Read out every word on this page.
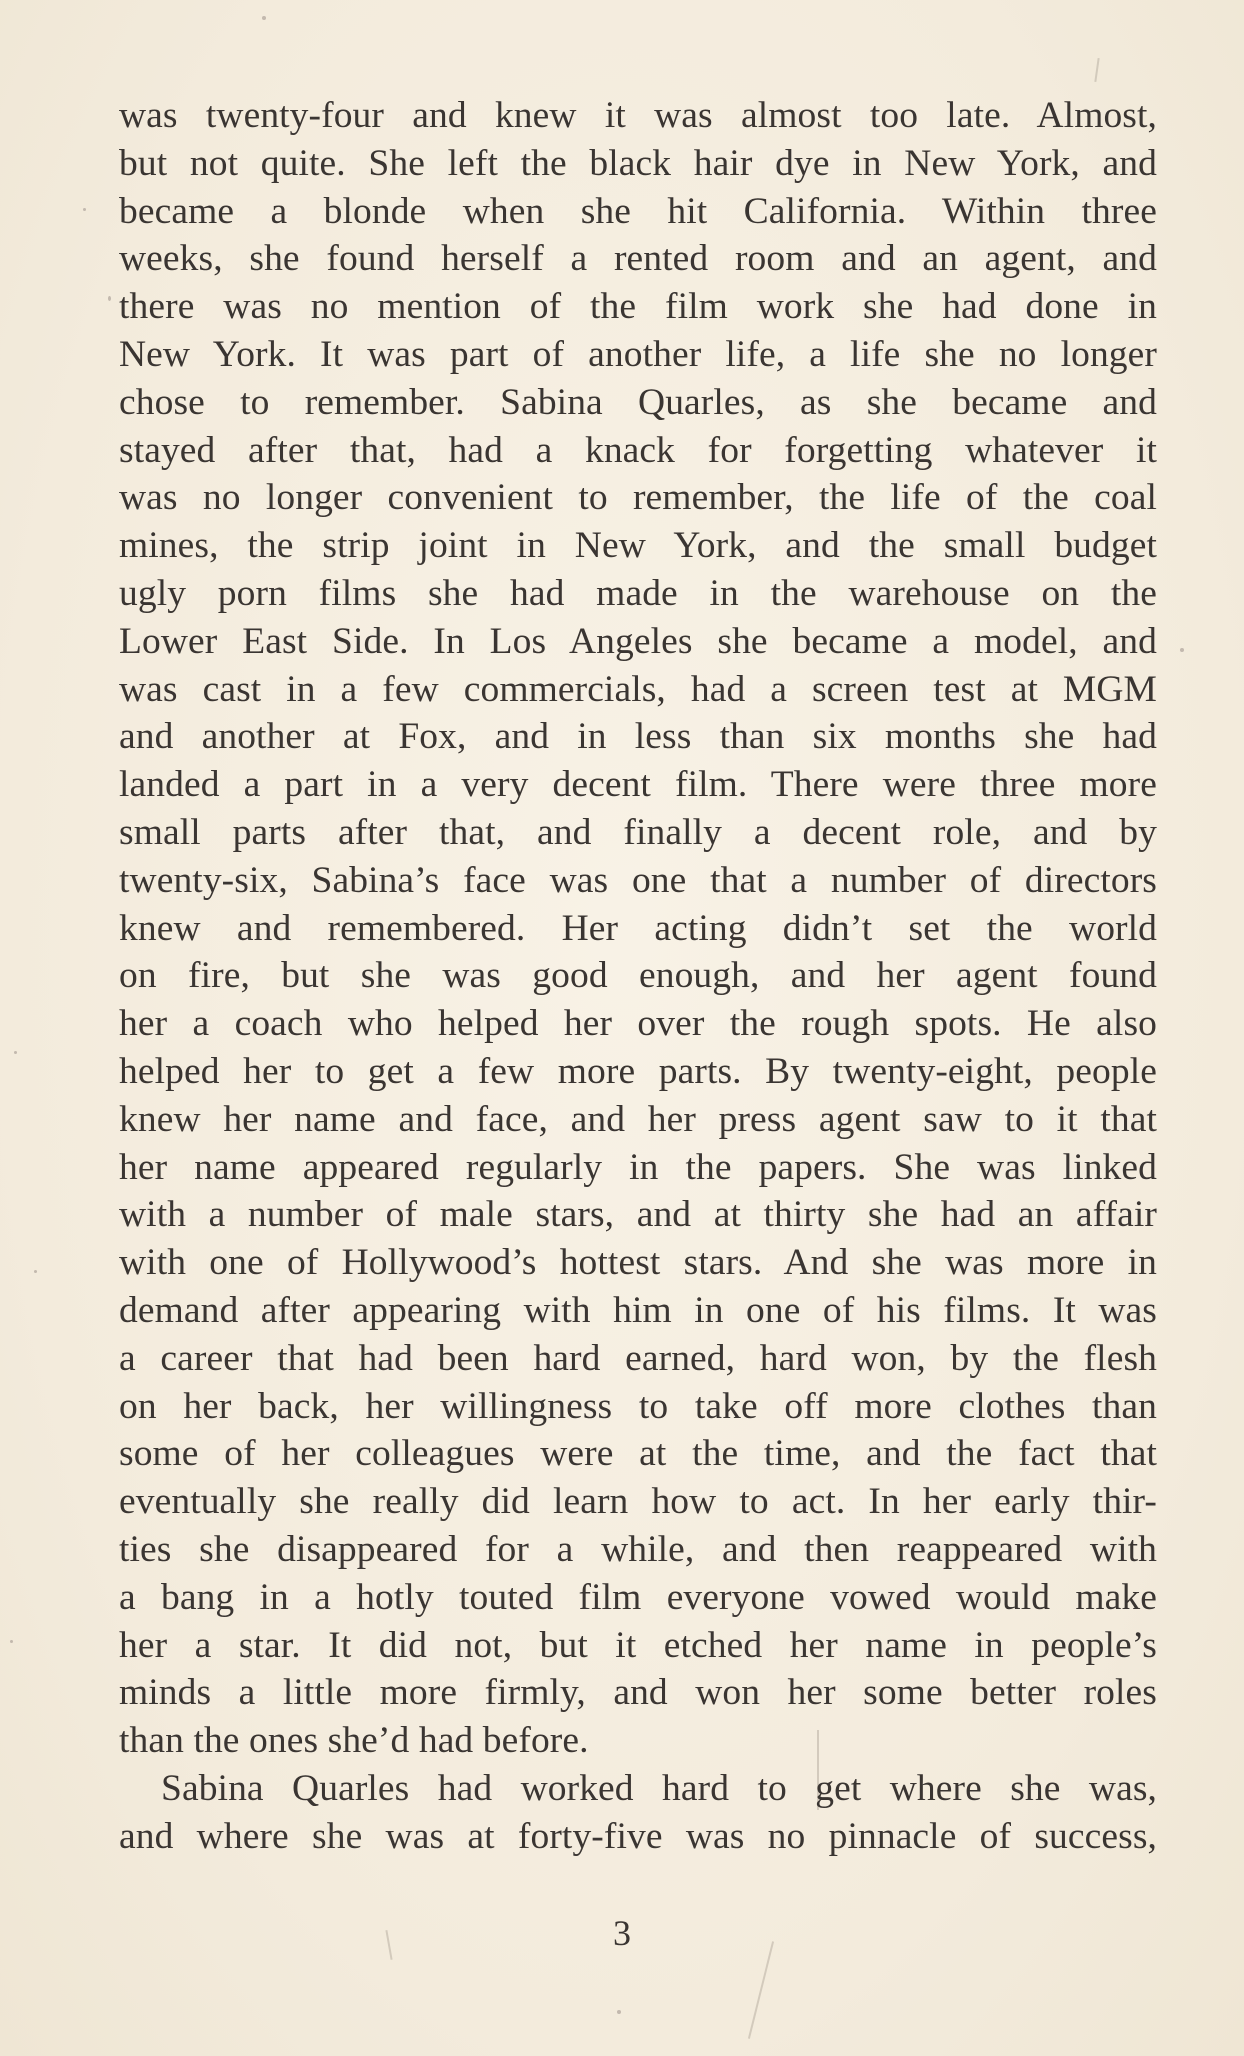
was twenty-four and knew it was almost too late. Almost,
but not quite. She left the black hair dye in New York, and
became a blonde when she hit California. Within three
weeks, she found herself a rented room and an agent, and
there was no mention of the film work she had done in
New York. It was part of another life, a life she no longer
chose to remember. Sabina Quarles, as she became and
stayed after that, had a knack for forgetting whatever it
was no longer convenient to remember, the life of the coal
mines, the strip joint in New York, and the small budget
ugly porn films she had made in the warehouse on the
Lower East Side. In Los Angeles she became a model, and
was cast in a few commercials, had a screen test at MGM
and another at Fox, and in less than six months she had
landed a part in a very decent film. There were three more
small parts after that, and finally a decent role, and by
twenty-six, Sabina’s face was one that a number of directors
knew and remembered. Her acting didn’t set the world
on fire, but she was good enough, and her agent found
her a coach who helped her over the rough spots. He also
helped her to get a few more parts. By twenty-eight, people
knew her name and face, and her press agent saw to it that
her name appeared regularly in the papers. She was linked
with a number of male stars, and at thirty she had an affair
with one of Hollywood’s hottest stars. And she was more in
demand after appearing with him in one of his films. It was
a career that had been hard earned, hard won, by the flesh
on her back, her willingness to take off more clothes than
some of her colleagues were at the time, and the fact that
eventually she really did learn how to act. In her early thir-
ties she disappeared for a while, and then reappeared with
a bang in a hotly touted film everyone vowed would make
her a star. It did not, but it etched her name in people’s
minds a little more firmly, and won her some better roles
than the ones she’d had before.
Sabina Quarles had worked hard to get where she was,
and where she was at forty-five was no pinnacle of success,
3
